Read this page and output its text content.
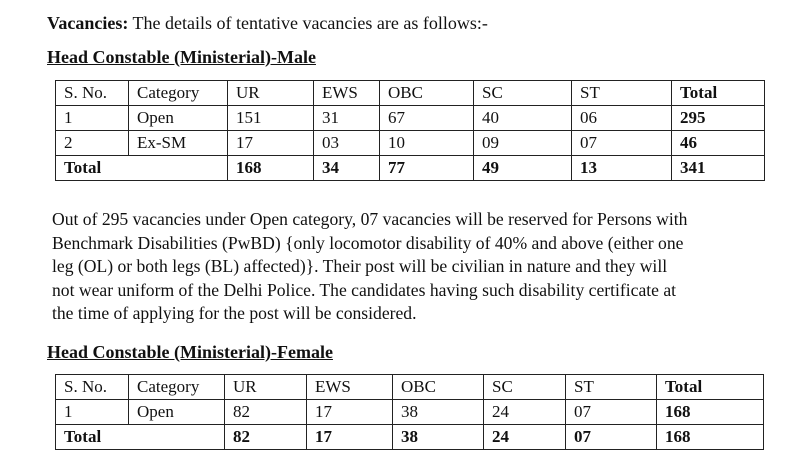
Vacancies: The details of tentative vacancies are as follows:-

Head Constable (Ministerial)-Male

S. No.	Category	UR	EWS	OBC	SC	ST	Total
1	Open	151	31	67	40	06	295
2	Ex-SM	17	03	10	09	07	46
Total		168	34	77	49	13	341

Out of 295 vacancies under Open category, 07 vacancies will be reserved for Persons with
Benchmark Disabilities (PwBD) {only locomotor disability of 40% and above (either one
leg (OL) or both legs (BL) affected)}. Their post will be civilian in nature and they will
not wear uniform of the Delhi Police. The candidates having such disability certificate at
the time of applying for the post will be considered.

Head Constable (Ministerial)-Female

S. No.	Category	UR	EWS	OBC	SC	ST	Total
1	Open	82	17	38	24	07	168
Total		82	17	38	24	07	168
